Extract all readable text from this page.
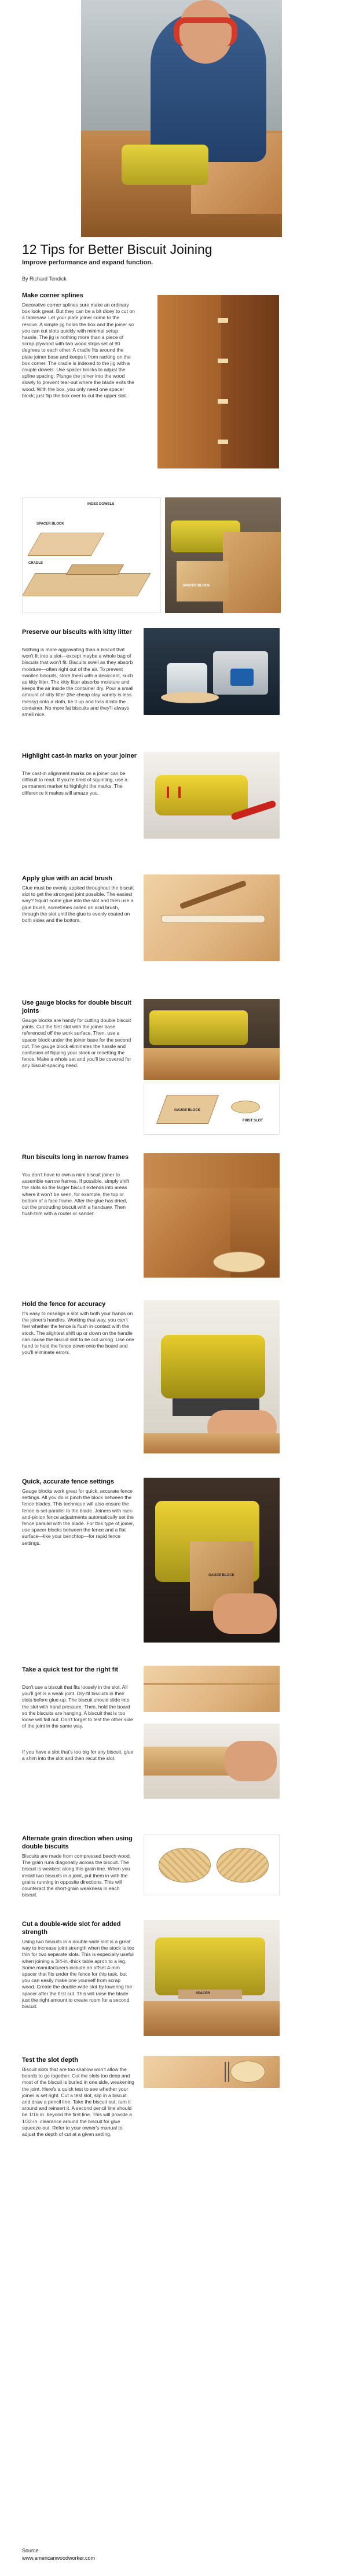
12 Tips for Better Biscuit Joining
Improve performance and expand function.
By Richard Tendick
Make corner splines
Decorative corner splines sure make an ordinary box look great. But they can be a bit dicey to cut on a tablesaw. Let your plate joiner come to the rescue. A simple jig holds the box and the joiner so you can cut slots quickly with minimal setup hassle. The jig is nothing more than a piece of scrap plywood with two wood strips set at 90 degrees to each other. A cradle fits around the plate joiner base and keeps it from racking on the box corner. The cradle is indexed to the jig with a couple dowels. Use spacer blocks to adjust the spline spacing. Plunge the joiner into the wood slowly to prevent tear-out where the blade exits the wood. With the box, you only need one spacer block; just flip the box over to cut the upper slot.
INDEX DOWELS
SPACER BLOCK
CRADLE
SPACER BLOCK
Preserve our biscuits with kitty litter
Nothing is more aggravating than a biscuit that won't fit into a slot—except maybe a whole bag of biscuits that won't fit. Biscuits swell as they absorb moisture—often right out of the air. To prevent swollen biscuits, store them with a desiccant, such as kitty litter. The kitty litter absorbs moisture and keeps the air inside the container dry. Pour a small amount of kitty litter (the cheap clay variety is less messy) onto a cloth, tie it up and toss it into the container. No more fat biscuits and they'll always smell nice.
Highlight cast-in marks on your joiner
The cast-in alignment marks on a joiner can be difficult to read. If you're tired of squinting, use a permanent marker to highlight the marks. The difference it makes will amaze you.
Apply glue with an acid brush
Glue must be evenly applied throughout the biscuit slot to get the strongest joint possible. The easiest way? Squirt some glue into the slot and then use a glue brush, sometimes called an acid brush, through the slot until the glue is evenly coated on both sides and the bottom.
Use gauge blocks for double biscuit joints
Gauge blocks are handy for cutting double biscuit joints. Cut the first slot with the joiner base referenced off the work surface. Then, use a spacer block under the joiner base for the second cut. The gauge block eliminates the hassle and confusion of flipping your stock or resetting the fence. Make a whole set and you'll be covered for any biscuit-spacing need.
GAUGE BLOCK
FIRST SLOT
Run biscuits long in narrow frames
You don't have to own a mini biscuit joiner to assemble narrow frames. If possible, simply shift the slots so the larger biscuit extends into areas where it won't be seen, for example, the top or bottom of a face frame. After the glue has dried, cut the protruding biscuit with a handsaw. Then flush-trim with a router or sander.
Hold the fence for accuracy
It's easy to misalign a slot with both your hands on the joiner's handles. Working that way, you can't feel whether the fence is flush in contact with the stock. The slightest shift up or down on the handle can cause the biscuit slot to be cut wrong. Use one hand to hold the fence down onto the board and you'll eliminate errors.
Quick, accurate fence settings
Gauge blocks work great for quick, accurate fence settings. All you do is pinch the block between the fence blades. This technique will also ensure the fence is set parallel to the blade. Joiners with rack-and-pinion fence adjustments automatically set the fence parallel with the blade. For this type of joiner, use spacer blocks between the fence and a flat surface—like your benchtop—for rapid fence settings.
GAUGE BLOCK
Take a quick test for the right fit
Don't use a biscuit that fits loosely in the slot. All you'll get is a weak joint. Dry-fit biscuits in their slots before glue-up. The biscuit should slide into the slot with hand pressure. Then, hold the board so the biscuits are hanging. A biscuit that is too loose will fall out. Don't forget to test the other side of the joint in the same way.
If you have a slot that's too big for any biscuit, glue a shim into the slot and then recut the slot.
Alternate grain direction when using double biscuits
Biscuits are made from compressed beech wood. The grain runs diagonally across the biscuit. The biscuit is weakest along this grain line. When you install two biscuits in a joint, put them in with the grains running in opposite directions. This will counteract the short-grain weakness in each biscuit.
Cut a double-wide slot for added strength
Using two biscuits in a double-wide slot is a great way to increase joint strength when the stock is too thin for two separate slots. This is especially useful when joining a 3/4-in.-thick table apron to a leg. Some manufacturers include an offset 4-mm spacer that fits under the fence for this task, but you can easily make one yourself from scrap wood. Create the double-wide slot by lowering the spacer after the first cut. This will raise the blade just the right amount to create room for a second biscuit.
SPACER
Test the slot depth
Biscuit slots that are too shallow won't allow the boards to go together. Cut the slots too deep and most of the biscuit is buried in one side, weakening the joint. Here's a quick test to see whether your joiner is set right. Cut a test slot, slip in a biscuit and draw a pencil line. Take the biscuit out, turn it around and reinsert it. A second pencil line should be 1/16 in. beyond the first line. This will provide a 1/32-in. clearance around the biscuit for glue squeeze-out. Refer to your owner's manual to adjust the depth of cut at a given setting.
Source
www.americanwoodworker.com
